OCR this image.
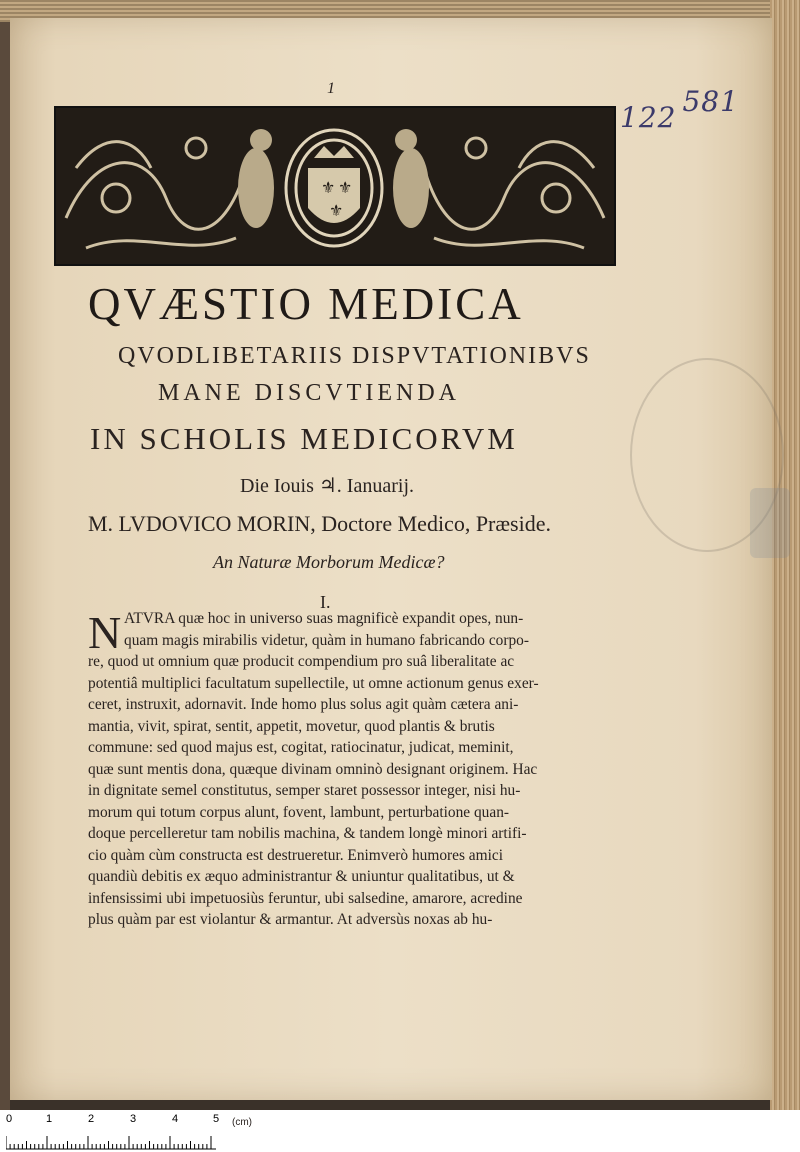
1
122 581
⚜ ⚜
⚜
QVÆSTIO MEDICA
QVODLIBETARIIS DISPVTATIONIBVS
MANE DISCVTIENDA
IN SCHOLIS MEDICORVM
Die Iouis ♃. Ianuarij.
M. LVDOVICO MORIN, Doctore Medico, Præside.
An Naturæ Morborum Medicæ?
I.
N ATVRA quæ hoc in universo suas magnificè expandit opes, nun-
quam magis mirabilis videtur, quàm in humano fabricando corpo-
re, quod ut omnium quæ producit compendium pro suâ liberalitate ac
potentiâ multiplici facultatum supellectile, ut omne actionum genus exer-
ceret, instruxit, adornavit. Inde homo plus solus agit quàm cætera ani-
mantia, vivit, spirat, sentit, appetit, movetur, quod plantis & brutis
commune: sed quod majus est, cogitat, ratiocinatur, judicat, meminit,
quæ sunt mentis dona, quæque divinam omninò designant originem. Hac
in dignitate semel constitutus, semper staret possessor integer, nisi hu-
morum qui totum corpus alunt, fovent, lambunt, perturbatione quan-
doque percelleretur tam nobilis machina, & tandem longè minori artifi-
cio quàm cùm constructa est destrueretur. Enimverò humores amici
quandiù debitis ex æquo administrantur & uniuntur qualitatibus, ut &
infensissimi ubi impetuosiùs feruntur, ubi salsedine, amarore, acredine
plus quàm par est violantur & armantur. At adversùs noxas ab hu-
0	1	2	3	4	5 (cm)
